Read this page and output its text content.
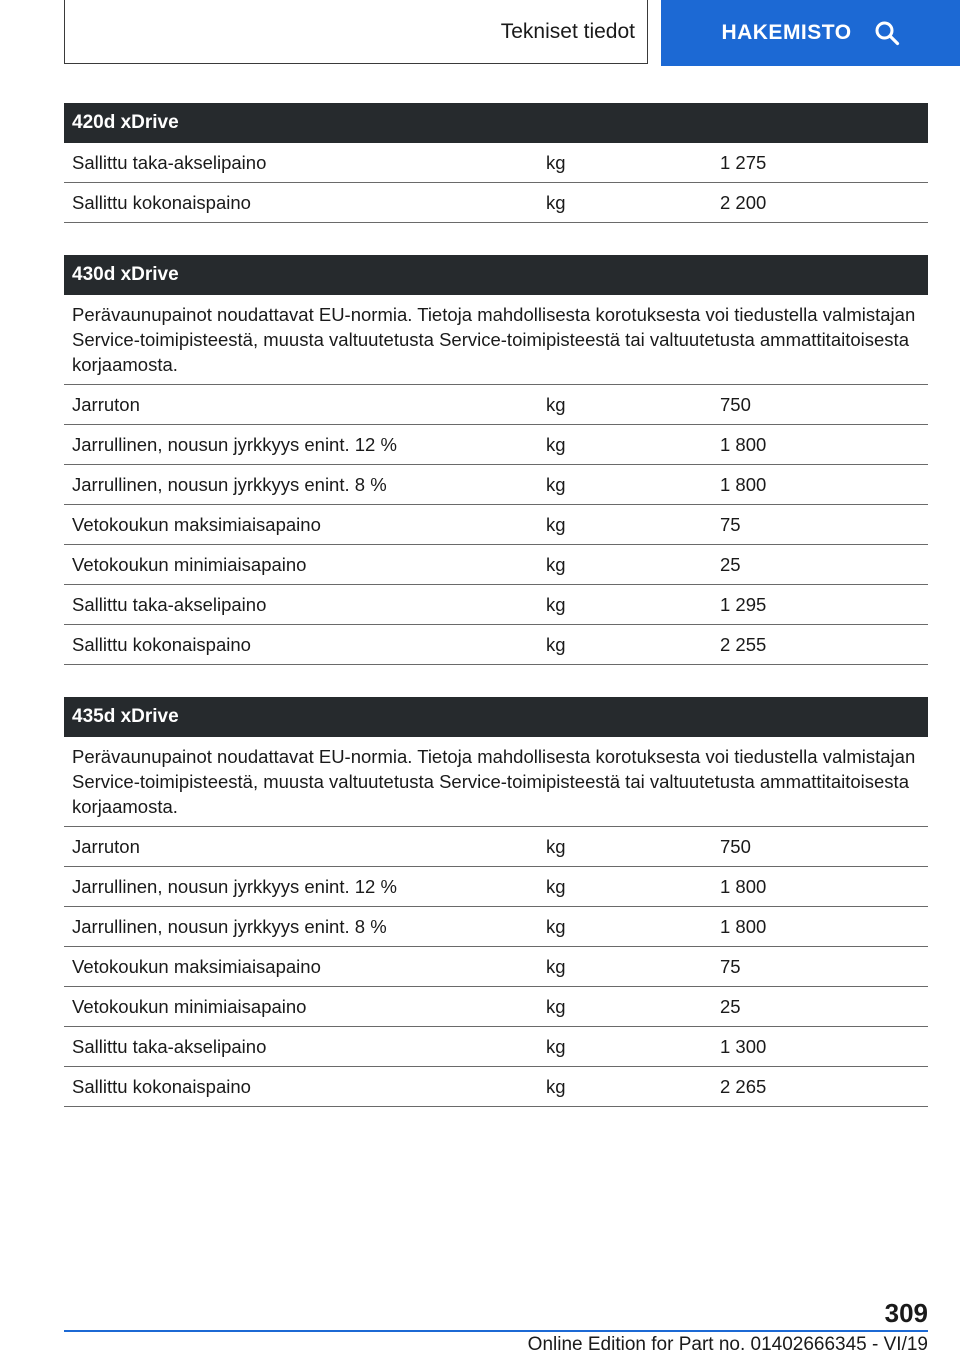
Tekniset tiedot	HAKEMISTO
420d xDrive
Sallittu taka-akselipaino	kg	1 275
Sallittu kokonaispaino	kg	2 200
430d xDrive
Perävaunupainot noudattavat EU-normia. Tietoja mahdollisesta korotuksesta voi tiedustella valmistajan Service-toimipisteestä, muusta valtuutetusta Service-toimipisteestä tai valtuutetusta ammattitaitoisesta korjaamosta.
Jarruton	kg	750
Jarrullinen, nousun jyrkkyys enint. 12 %	kg	1 800
Jarrullinen, nousun jyrkkyys enint. 8 %	kg	1 800
Vetokoukun maksimiaisapaino	kg	75
Vetokoukun minimiaisapaino	kg	25
Sallittu taka-akselipaino	kg	1 295
Sallittu kokonaispaino	kg	2 255
435d xDrive
Perävaunupainot noudattavat EU-normia. Tietoja mahdollisesta korotuksesta voi tiedustella valmistajan Service-toimipisteestä, muusta valtuutetusta Service-toimipisteestä tai valtuutetusta ammattitaitoisesta korjaamosta.
Jarruton	kg	750
Jarrullinen, nousun jyrkkyys enint. 12 %	kg	1 800
Jarrullinen, nousun jyrkkyys enint. 8 %	kg	1 800
Vetokoukun maksimiaisapaino	kg	75
Vetokoukun minimiaisapaino	kg	25
Sallittu taka-akselipaino	kg	1 300
Sallittu kokonaispaino	kg	2 265
309
Online Edition for Part no. 01402666345 - VI/19
